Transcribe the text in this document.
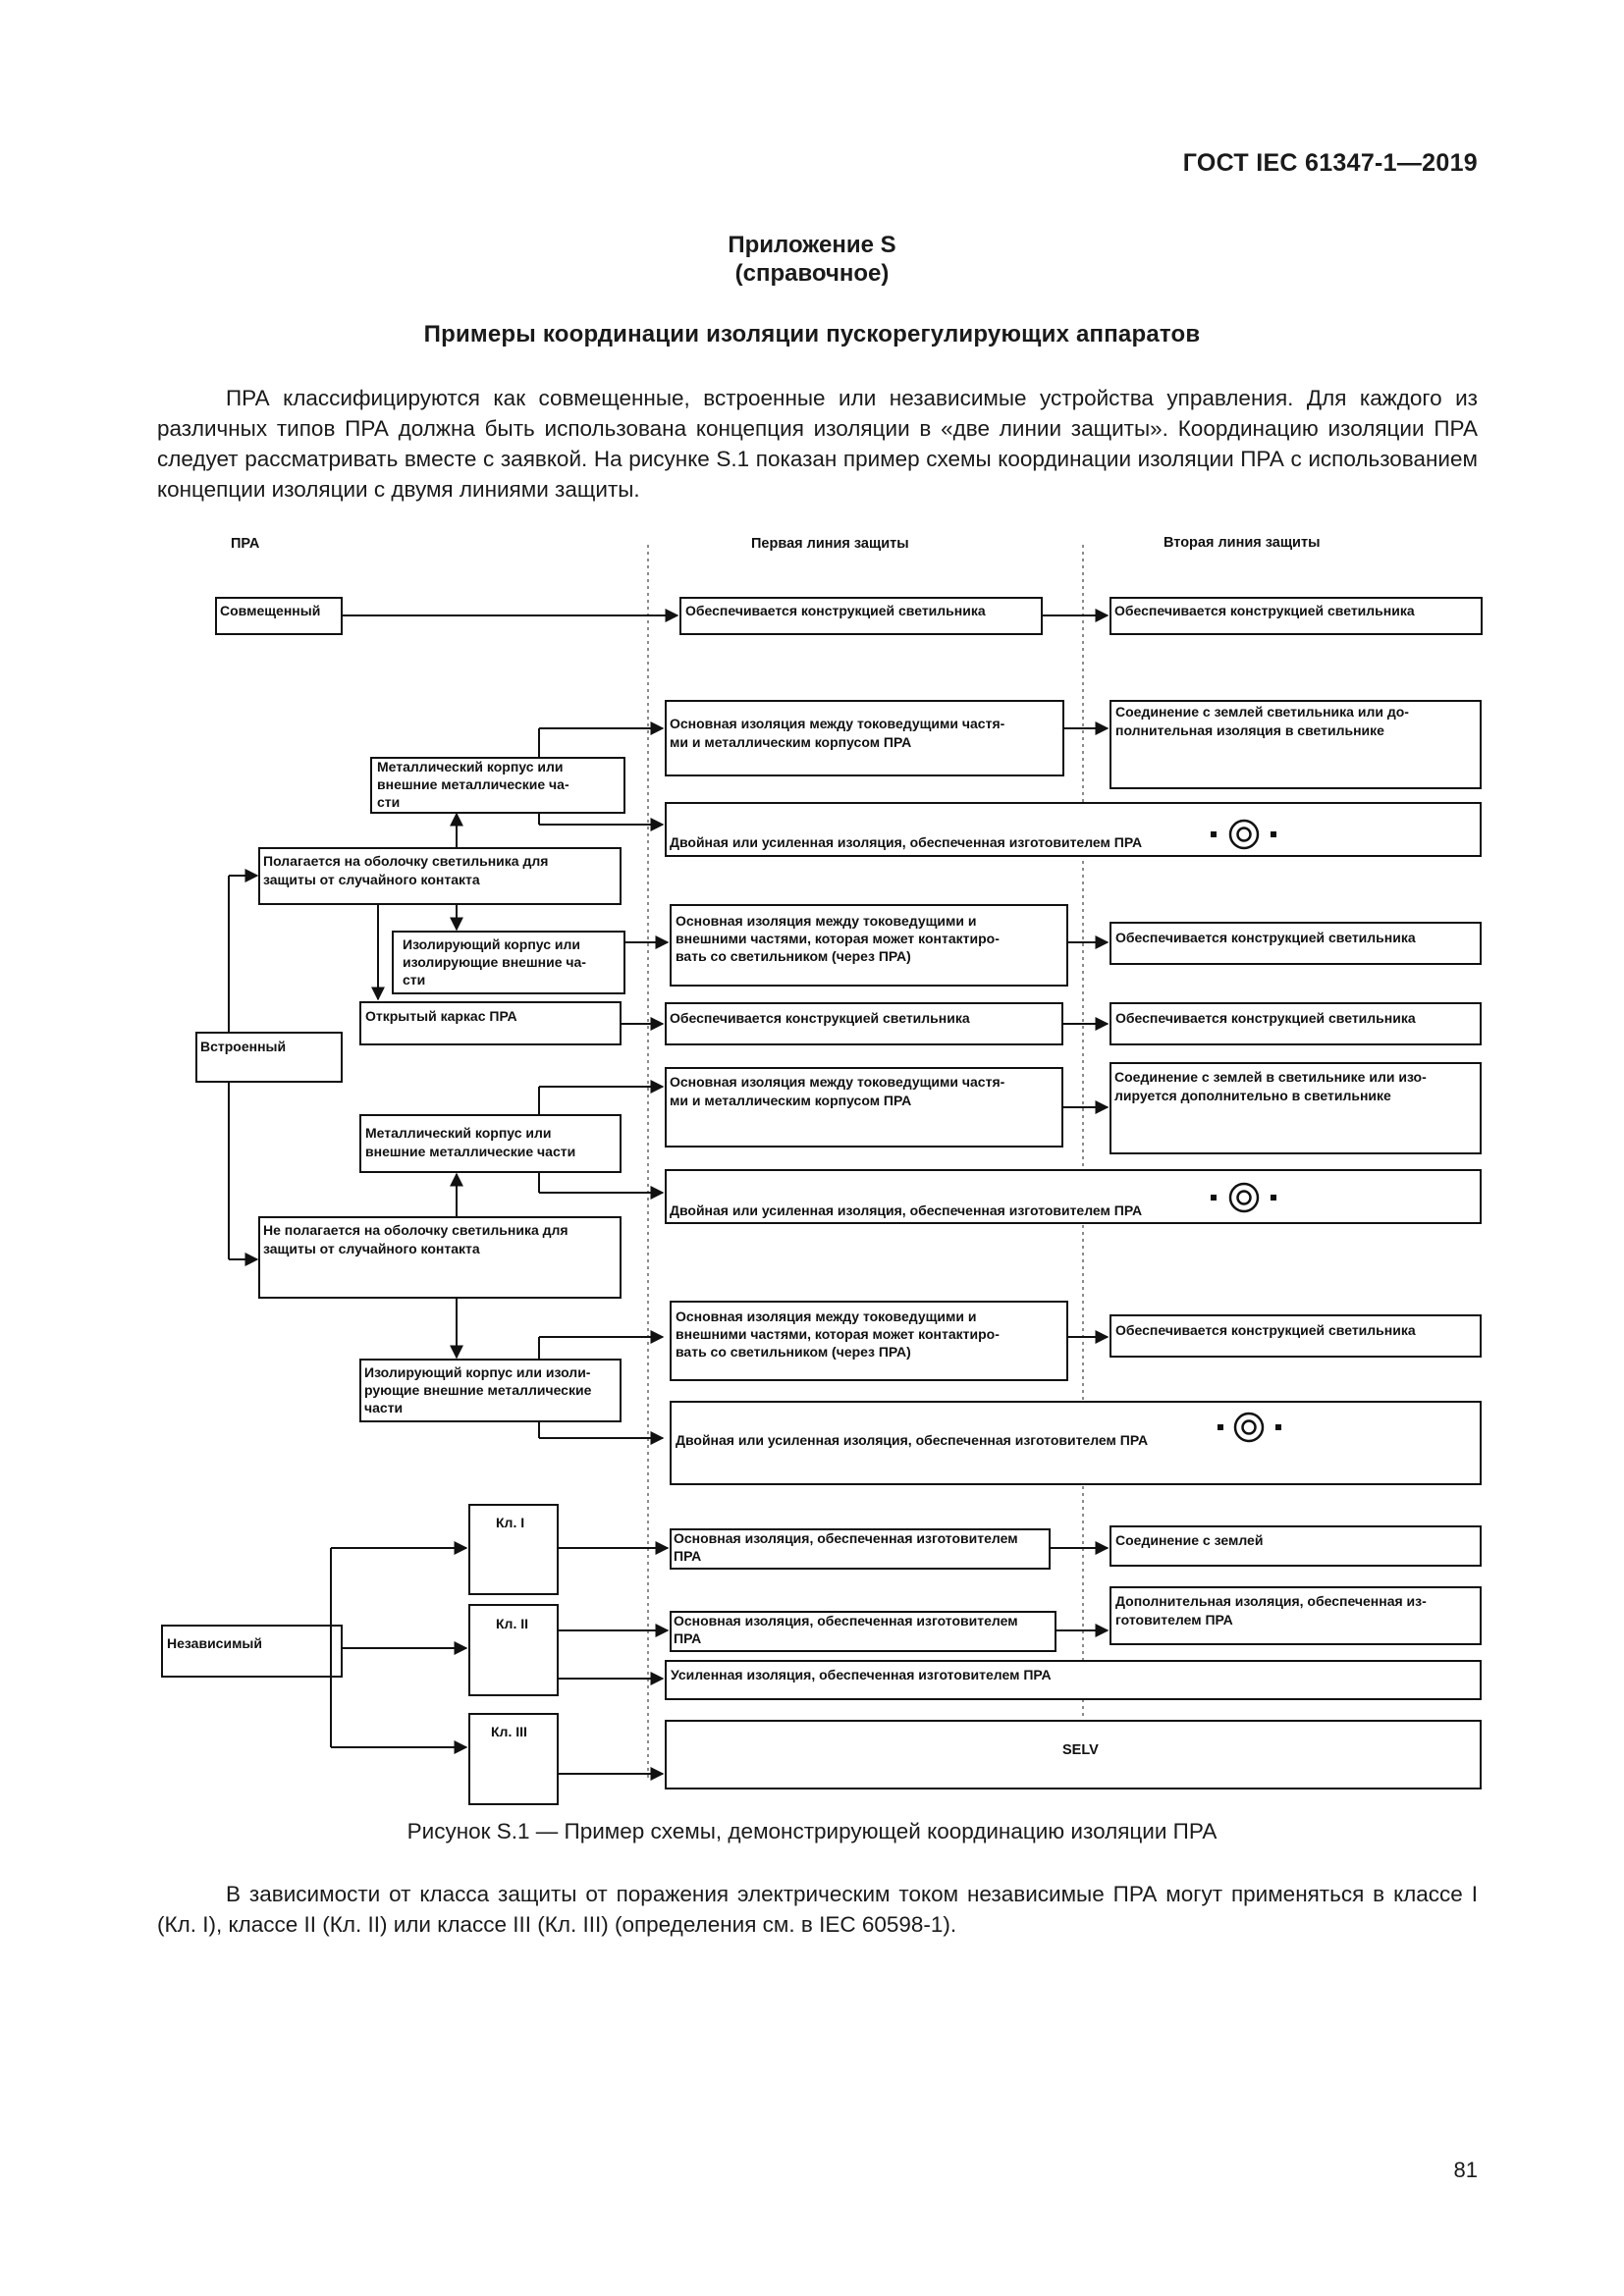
ГОСТ IEC 61347-1—2019
Приложение S
(справочное)
Примеры координации изоляции пускорегулирующих аппаратов

ПРА классифицируются как совмещенные, встроенные или независимые устройства управления. Для каждого из различных типов ПРА должна быть использована концепция изоляции в «две линии защиты». Координацию изоляции ПРА следует рассматривать вместе с заявкой. На рисунке S.1 показан пример схемы координации изоляции ПРА с использованием концепции изоляции с двумя линиями защиты.

ПРА	Первая линия защиты	Вторая линия защиты
Совмещенный	Обеспечивается конструкцией светильника	Обеспечивается конструкцией светильника
Встроенный
Полагается на оболочку светильника для
защиты от случайного контакта
Металлический корпус или
внешние металлические ча-
сти
Основная изоляция между токоведущими частя-
ми и металлическим корпусом ПРА
Соединение с землей светильника или до-
полнительная изоляция в светильнике
Двойная или усиленная изоляция, обеспеченная изготовителем ПРА
Изолирующий корпус или
изолирующие внешние ча-
сти
Основная изоляция между токоведущими и
внешними частями, которая может контактиро-
вать со светильником (через ПРА)
Обеспечивается конструкцией светильника
Открытый каркас ПРА	Обеспечивается конструкцией светильника	Обеспечивается конструкцией светильника
Не полагается на оболочку светильника для
защиты от случайного контакта
Металлический корпус или
внешние металлические части
Основная изоляция между токоведущими частя-
ми и металлическим корпусом ПРА
Соединение с землей в светильнике или изо-
лируется дополнительно в светильнике
Двойная или усиленная изоляция, обеспеченная изготовителем ПРА
Изолирующий корпус или изоли-
рующие внешние металлические
части
Основная изоляция между токоведущими и
внешними частями, которая может контактиро-
вать со светильником (через ПРА)
Обеспечивается конструкцией светильника
Двойная или усиленная изоляция, обеспеченная изготовителем ПРА
Независимый
Кл. I
Основная изоляция, обеспеченная изготовителем
ПРА
Соединение с землей
Кл. II	Основная изоляция, обеспеченная изготовителем
ПРА
Дополнительная изоляция, обеспеченная из-
готовителем ПРА
Усиленная изоляция, обеспеченная изготовителем ПРА
Кл. III
SELV
Рисунок S.1 — Пример схемы, демонстрирующей координацию изоляции ПРА

В зависимости от класса защиты от поражения электрическим током независимые ПРА могут применяться в классе I (Кл. I), классе II (Кл. II) или классе III (Кл. III) (определения см. в IEC 60598-1).

81
